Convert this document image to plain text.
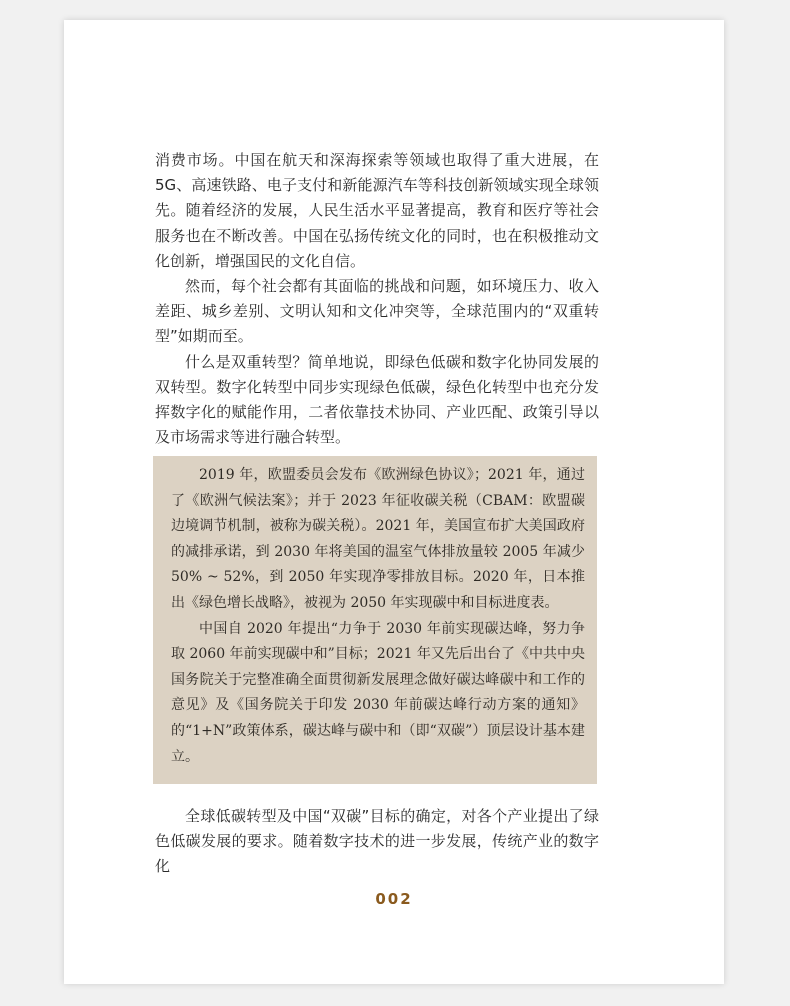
消费市场。中国在航天和深海探索等领域也取得了重大进展，在 5G、高速铁路、电子支付和新能源汽车等科技创新领域实现全球领先。随着经济的发展，人民生活水平显著提高，教育和医疗等社会服务也在不断改善。中国在弘扬传统文化的同时，也在积极推动文化创新，增强国民的文化自信。

然而，每个社会都有其面临的挑战和问题，如环境压力、收入差距、城乡差别、文明认知和文化冲突等，全球范围内的“双重转型”如期而至。

什么是双重转型？简单地说，即绿色低碳和数字化协同发展的双转型。数字化转型中同步实现绿色低碳，绿色化转型中也充分发挥数字化的赋能作用，二者依靠技术协同、产业匹配、政策引导以及市场需求等进行融合转型。

2019 年，欧盟委员会发布《欧洲绿色协议》；2021 年，通过了《欧洲气候法案》；并于 2023 年征收碳关税（CBAM：欧盟碳边境调节机制，被称为碳关税）。2021 年，美国宣布扩大美国政府的减排承诺，到 2030 年将美国的温室气体排放量较 2005 年减少 50% ~ 52%，到 2050 年实现净零排放目标。2020 年，日本推出《绿色增长战略》，被视为 2050 年实现碳中和目标进度表。

中国自 2020 年提出“力争于 2030 年前实现碳达峰，努力争取 2060 年前实现碳中和”目标；2021 年又先后出台了《中共中央 国务院关于完整准确全面贯彻新发展理念做好碳达峰碳中和工作的意见》及《国务院关于印发 2030 年前碳达峰行动方案的通知》的“1+N”政策体系，碳达峰与碳中和（即“双碳”）顶层设计基本建立。

全球低碳转型及中国“双碳”目标的确定，对各个产业提出了绿色低碳发展的要求。随着数字技术的进一步发展，传统产业的数字化

002
